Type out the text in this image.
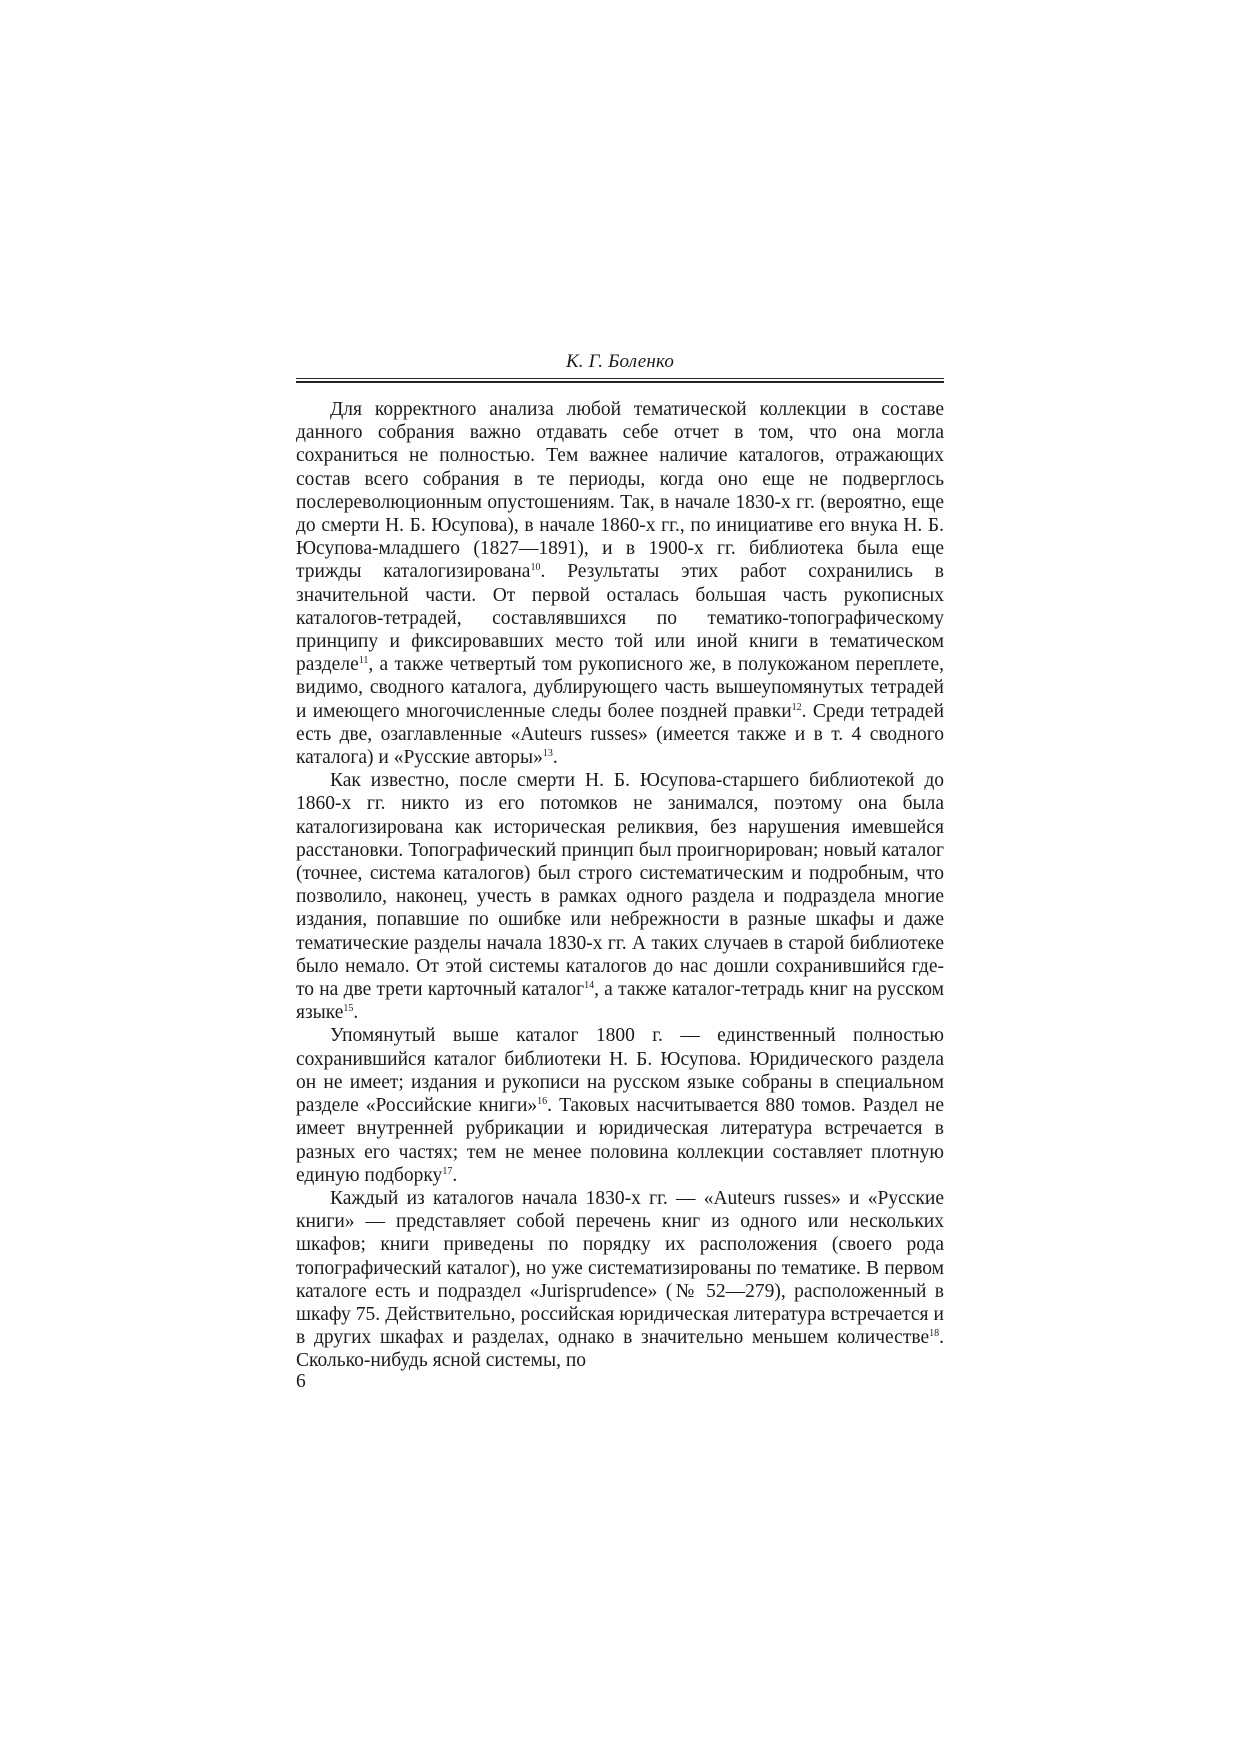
К. Г. Боленко

Для корректного анализа любой тематической коллекции в составе данного собрания важно отдавать себе отчет в том, что она могла сохраниться не полностью. Тем важнее наличие каталогов, отражающих состав всего собрания в те периоды, когда оно еще не подверглось послереволюционным опустошениям. Так, в начале 1830-х гг. (вероятно, еще до смерти Н. Б. Юсупова), в начале 1860-х гг., по инициативе его внука Н. Б. Юсупова-младшего (1827—1891), и в 1900-х гг. библиотека была еще трижды каталогизирована$^{10}$. Результаты этих работ сохранились в значительной части. От первой осталась большая часть рукописных каталогов-тетрадей, составлявшихся по тематико-топографическому принципу и фиксировавших место той или иной книги в тематическом разделе$^{11}$, а также четвертый том рукописного же, в полукожаном переплете, видимо, сводного каталога, дублирующего часть вышеупомянутых тетрадей и имеющего многочисленные следы более поздней правки$^{12}$. Среди тетрадей есть две, озаглавленные «Auteurs russes» (имеется также и в т. 4 сводного каталога) и «Русские авторы»$^{13}$.

Как известно, после смерти Н. Б. Юсупова-старшего библиотекой до 1860-х гг. никто из его потомков не занимался, поэтому она была каталогизирована как историческая реликвия, без нарушения имевшейся расстановки. Топографический принцип был проигнорирован; новый каталог (точнее, система каталогов) был строго систематическим и подробным, что позволило, наконец, учесть в рамках одного раздела и подраздела многие издания, попавшие по ошибке или небрежности в разные шкафы и даже тематические разделы начала 1830-х гг. А таких случаев в старой библиотеке было немало. От этой системы каталогов до нас дошли сохранившийся где-то на две трети карточный каталог$^{14}$, а также каталог-тетрадь книг на русском языке$^{15}$.

Упомянутый выше каталог 1800 г. — единственный полностью сохранившийся каталог библиотеки Н. Б. Юсупова. Юридического раздела он не имеет; издания и рукописи на русском языке собраны в специальном разделе «Российские книги»$^{16}$. Таковых насчитывается 880 томов. Раздел не имеет внутренней рубрикации и юридическая литература встречается в разных его частях; тем не менее половина коллекции составляет плотную единую подборку$^{17}$.

Каждый из каталогов начала 1830-х гг. — «Auteurs russes» и «Русские книги» — представляет собой перечень книг из одного или нескольких шкафов; книги приведены по порядку их расположения (своего рода топографический каталог), но уже систематизированы по тематике. В первом каталоге есть и подраздел «Jurisprudence» (№ 52—279), расположенный в шкафу 75. Действительно, российская юридическая литература встречается и в других шкафах и разделах, однако в значительно меньшем количестве$^{18}$. Сколько-нибудь ясной системы, по

6
